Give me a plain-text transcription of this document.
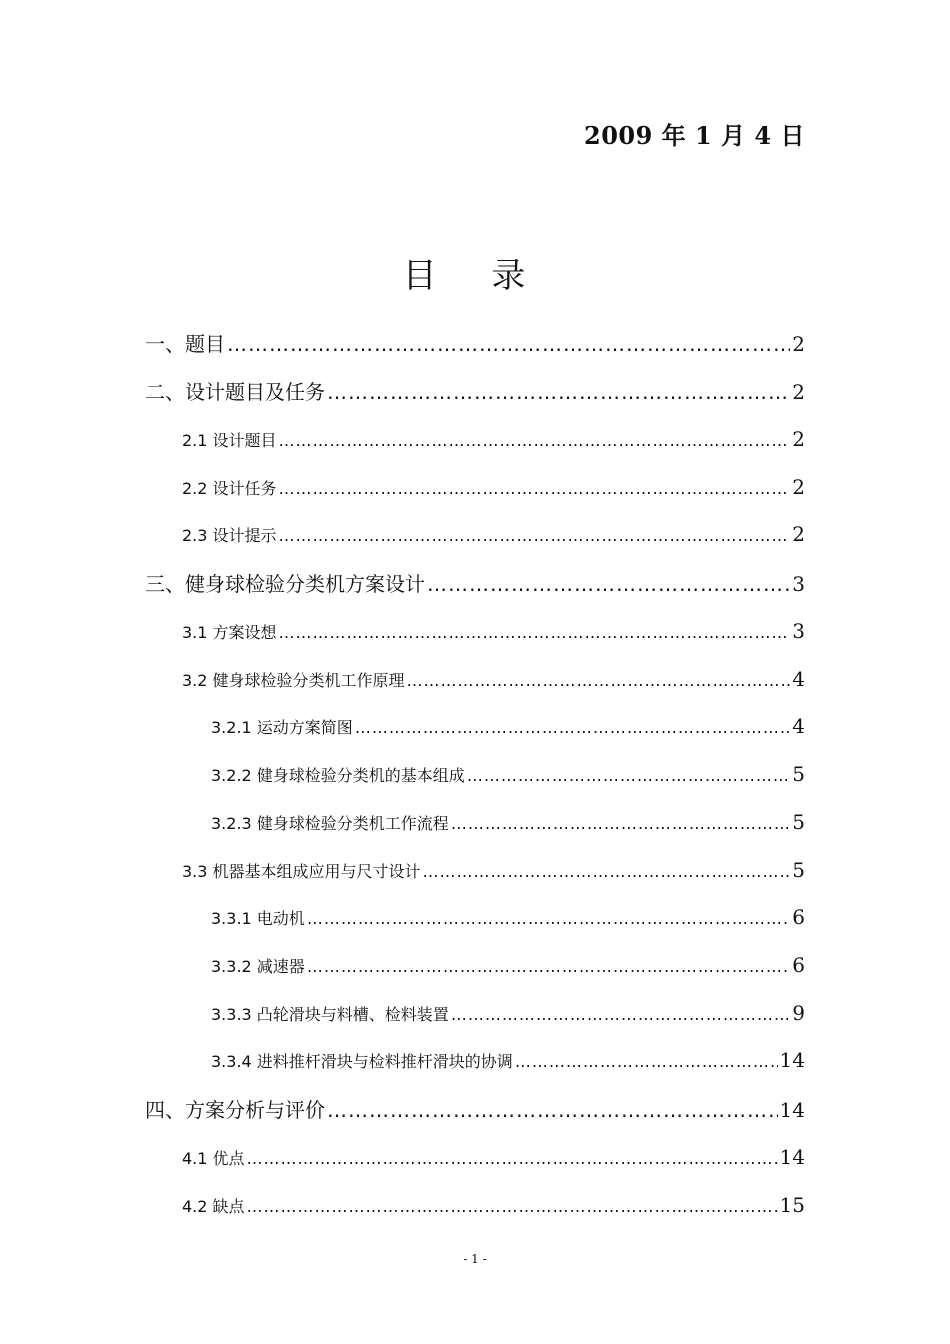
2009 年 1 月 4 日
目 录
一、题目 ……………………………………………………………………………………………………………………………………………………………………………………………………	2
二、设计题目及任务 ……………………………………………………………………………………………………………………………………………………………………………………………………	2
2.1 设计题目 ……………………………………………………………………………………………………………………………………………………………………………………………………	2
2.2 设计任务 ……………………………………………………………………………………………………………………………………………………………………………………………………	2
2.3 设计提示 ……………………………………………………………………………………………………………………………………………………………………………………………………	2
三、健身球检验分类机方案设计 ……………………………………………………………………………………………………………………………………………………………………………………………………	3
3.1 方案设想 ……………………………………………………………………………………………………………………………………………………………………………………………………	3
3.2 健身球检验分类机工作原理 ……………………………………………………………………………………………………………………………………………………………………………………………………	4
3.2.1 运动方案简图 ……………………………………………………………………………………………………………………………………………………………………………………………………	4
3.2.2 健身球检验分类机的基本组成 ……………………………………………………………………………………………………………………………………………………………………………………………………	5
3.2.3 健身球检验分类机工作流程 ……………………………………………………………………………………………………………………………………………………………………………………………………	5
3.3 机器基本组成应用与尺寸设计 ……………………………………………………………………………………………………………………………………………………………………………………………………	5
3.3.1 电动机 ……………………………………………………………………………………………………………………………………………………………………………………………………	6
3.3.2 减速器 ……………………………………………………………………………………………………………………………………………………………………………………………………	6
3.3.3 凸轮滑块与料槽、检料装置 ……………………………………………………………………………………………………………………………………………………………………………………………………	9
3.3.4 进料推杆滑块与检料推杆滑块的协调 ……………………………………………………………………………………………………………………………………………………………………………………………………	14
四、方案分析与评价 ……………………………………………………………………………………………………………………………………………………………………………………………………	14
4.1 优点 ……………………………………………………………………………………………………………………………………………………………………………………………………	14
4.2 缺点 ……………………………………………………………………………………………………………………………………………………………………………………………………	15
- 1 -
